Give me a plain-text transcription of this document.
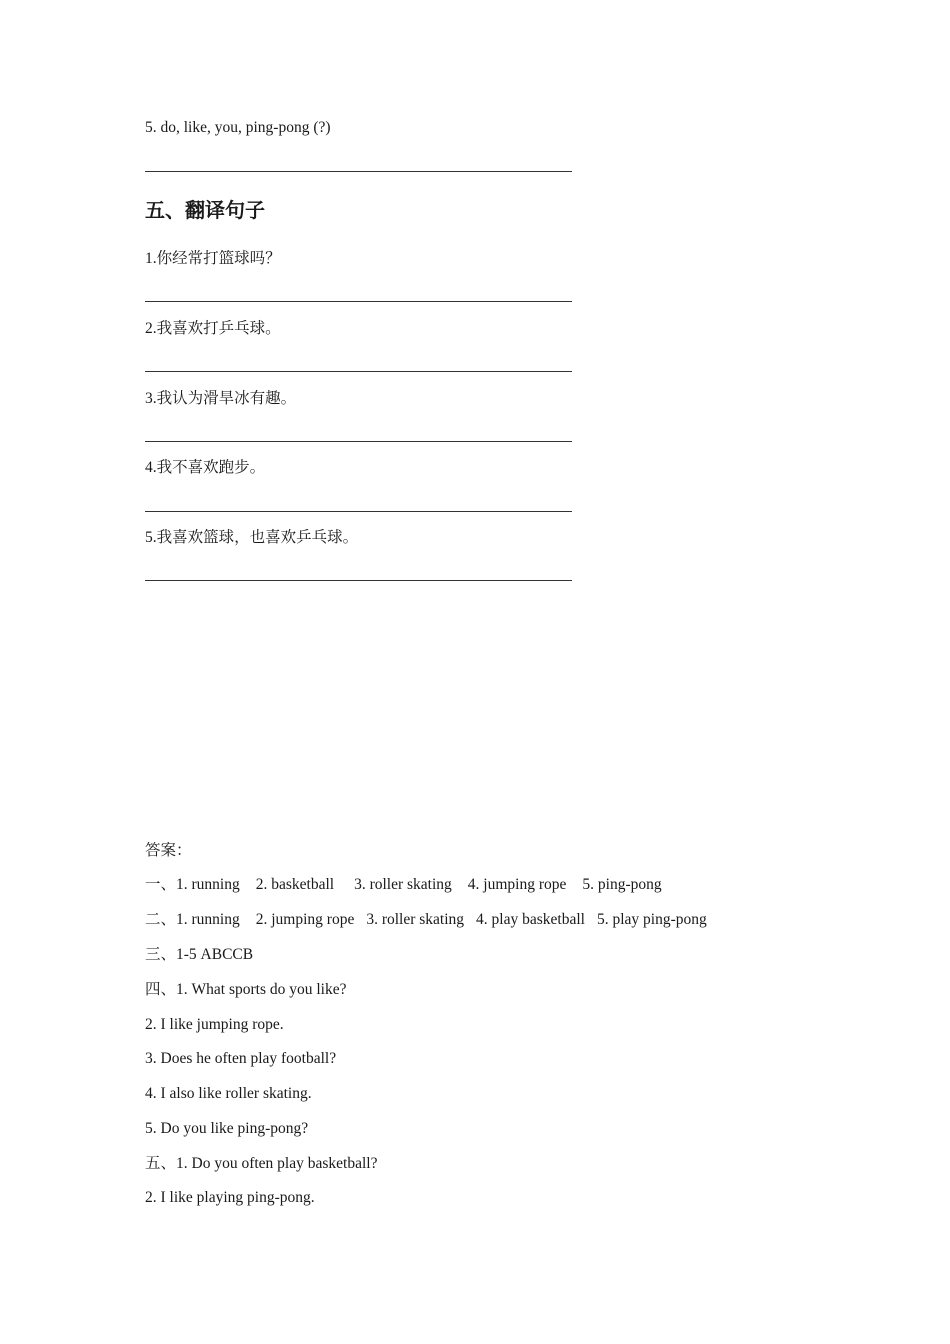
5. do, like, you, ping-pong (?)
五、翻译句子
1.你经常打篮球吗？
2.我喜欢打乒乓球。
3.我认为滑旱冰有趣。
4.我不喜欢跑步。
5.我喜欢篮球，也喜欢乒乓球。
答案：
一、1. running 2. basketball 3. roller skating 4. jumping rope 5. ping-pong
二、1. running 2. jumping rope 3. roller skating 4. play basketball 5. play ping-pong
三、1-5 ABCCB
四、1. What sports do you like?
2. I like jumping rope.
3. Does he often play football?
4. I also like roller skating.
5. Do you like ping-pong?
五、1. Do you often play basketball?
2. I like playing ping-pong.
